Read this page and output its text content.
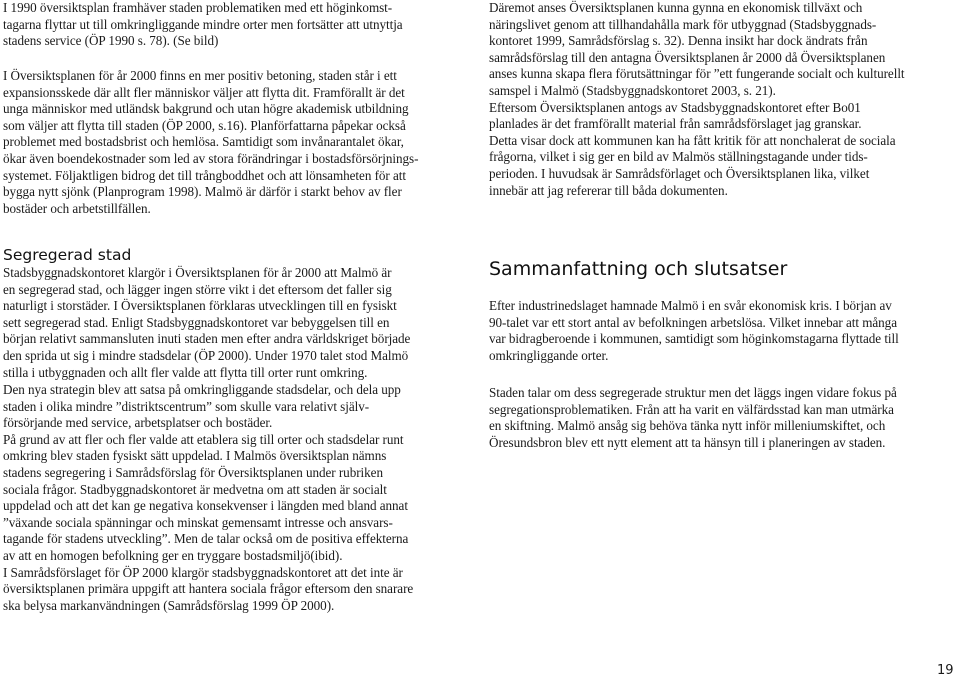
I 1990 översiktsplan framhäver staden problematiken med ett höginkomst-
tagarna flyttar ut till omkringliggande mindre orter men fortsätter att utnyttja
stadens service (ÖP 1990 s. 78). (Se bild)

I Översiktsplanen för år 2000 finns en mer positiv betoning, staden står i ett
expansionsskede där allt fler människor väljer att flytta dit. Framförallt är det
unga människor med utländsk bakgrund och utan högre akademisk utbildning
som väljer att flytta till staden (ÖP 2000, s.16). Planförfattarna påpekar också
problemet med bostadsbrist och hemlösa. Samtidigt som invånarantalet ökar,
ökar även boendekostnader som led av stora förändringar i bostadsförsörjnings-
systemet. Följaktligen bidrog det till trångboddhet och att lönsamheten för att
bygga nytt sjönk (Planprogram 1998). Malmö är därför i starkt behov av fler
bostäder och arbetstillfällen.

Segregerad stad

Stadsbyggnadskontoret klargör i Översiktsplanen för år 2000 att Malmö är
en segregerad stad, och lägger ingen större vikt i det eftersom det faller sig
naturligt i storstäder. I Översiktsplanen förklaras utvecklingen till en fysiskt
sett segregerad stad. Enligt Stadsbyggnadskontoret var bebyggelsen till en
början relativt sammansluten inuti staden men efter andra världskriget började
den sprida ut sig i mindre stadsdelar (ÖP 2000). Under 1970 talet stod Malmö
stilla i utbyggnaden och allt fler valde att flytta till orter runt omkring.

Den nya strategin blev att satsa på omkringliggande stadsdelar, och dela upp
staden i olika mindre ”distriktscentrum” som skulle vara relativt själv-
försörjande med service, arbetsplatser och bostäder.
På grund av att fler och fler valde att etablera sig till orter och stadsdelar runt
omkring blev staden fysiskt sätt uppdelad. I Malmös översiktsplan nämns
stadens segregering i Samrådsförslag för Översiktsplanen under rubriken
sociala frågor. Stadbyggnadskontoret är medvetna om att staden är socialt
uppdelad och att det kan ge negativa konsekvenser i längden med bland annat
”växande sociala spänningar och minskat gemensamt intresse och ansvars-
tagande för stadens utveckling”. Men de talar också om de positiva effekterna
av att en homogen befolkning ger en tryggare bostadsmiljö(ibid).
I Samrådsförslaget för ÖP 2000 klargör stadsbyggnadskontoret att det inte är
översiktsplanen primära uppgift att hantera sociala frågor eftersom den snarare
ska belysa markanvändningen (Samrådsförslag 1999 ÖP 2000).

Däremot anses Översiktsplanen kunna gynna en ekonomisk tillväxt och
näringslivet genom att tillhandahålla mark för utbyggnad (Stadsbyggnads-
kontoret 1999, Samrådsförslag s. 32). Denna insikt har dock ändrats från
samrådsförslag till den antagna Översiktsplanen år 2000 då Översiktsplanen
anses kunna skapa flera förutsättningar för ”ett fungerande socialt och kulturellt
samspel i Malmö (Stadsbyggnadskontoret 2003, s. 21).
Eftersom Översiktsplanen antogs av Stadsbyggnadskontoret efter Bo01
planlades är det framförallt material från samrådsförslaget jag granskar.
Detta visar dock att kommunen kan ha fått kritik för att nonchalerat de sociala
frågorna, vilket i sig ger en bild av Malmös ställningstagande under tids-
perioden. I huvudsak är Samrådsförlaget och Översiktsplanen lika, vilket
innebär att jag refererar till båda dokumenten.

Sammanfattning och slutsatser

Efter industrinedslaget hamnade Malmö i en svår ekonomisk kris. I början av
90-talet var ett stort antal av befolkningen arbetslösa. Vilket innebar att många
var bidragberoende i kommunen, samtidigt som höginkomstagarna flyttade till
omkringliggande orter.

Staden talar om dess segregerade struktur men det läggs ingen vidare fokus på
segregationsproblematiken. Från att ha varit en välfärdsstad kan man utmärka
en skiftning. Malmö ansåg sig behöva tänka nytt inför milleniumskiftet, och
Öresundsbron blev ett nytt element att ta hänsyn till i planeringen av staden.

19
